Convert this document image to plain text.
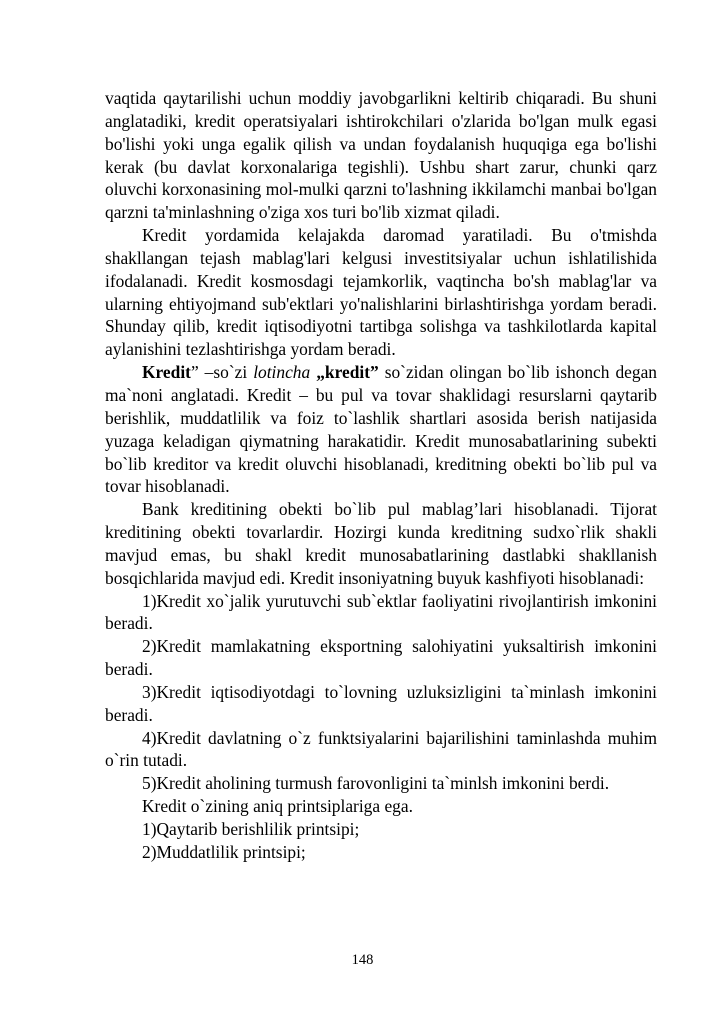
vaqtida qaytarilishi uchun moddiy javobgarlikni keltirib chiqaradi. Bu shuni anglatadiki, kredit operatsiyalari ishtirokchilari o'zlarida bo'lgan mulk egasi bo'lishi yoki unga egalik qilish va undan foydalanish huquqiga ega bo'lishi kerak (bu davlat korxonalariga tegishli). Ushbu shart zarur, chunki qarz oluvchi korxonasining mol-mulki qarzni to'lashning ikkilamchi manbai bo'lgan qarzni ta'minlashning o'ziga xos turi bo'lib xizmat qiladi.

Kredit yordamida kelajakda daromad yaratiladi. Bu o'tmishda shakllangan tejash mablag'lari kelgusi investitsiyalar uchun ishlatilishida ifodalanadi. Kredit kosmosdagi tejamkorlik, vaqtincha bo'sh mablag'lar va ularning ehtiyojmand sub'ektlari yo'nalishlarini birlashtirishga yordam beradi. Shunday qilib, kredit iqtisodiyotni tartibga solishga va tashkilotlarda kapital aylanishini tezlashtirishga yordam beradi.

Kredit” –so`zi lotincha „kredit” so`zidan olingan bo`lib ishonch degan ma`noni anglatadi. Kredit – bu pul va tovar shaklidagi resurslarni qaytarib berishlik, muddatlilik va foiz to`lashlik shartlari asosida berish natijasida yuzaga keladigan qiymatning harakatidir. Kredit munosabatlarining subekti bo`lib kreditor va kredit oluvchi hisoblanadi, kreditning obekti bo`lib pul va tovar hisoblanadi.

Bank kreditining obekti bo`lib pul mablag’lari hisoblanadi. Tijorat kreditining obekti tovarlardir. Hozirgi kunda kreditning sudxo`rlik shakli mavjud emas, bu shakl kredit munosabatlarining dastlabki shakllanish bosqichlarida mavjud edi. Kredit insoniyatning buyuk kashfiyoti hisoblanadi:

1)Kredit xo`jalik yurutuvchi sub`ektlar faoliyatini rivojlantirish imkonini beradi.

2)Kredit mamlakatning eksportning salohiyatini yuksaltirish imkonini beradi.

3)Kredit iqtisodiyotdagi to`lovning uzluksizligini ta`minlash imkonini beradi.

4)Kredit davlatning o`z funktsiyalarini bajarilishini taminlashda muhim o`rin tutadi.

5)Kredit aholining turmush farovonligini ta`minlsh imkonini berdi.

Kredit o`zining aniq printsiplariga ega.

1)Qaytarib berishlilik printsipi;

2)Muddatlilik printsipi;

148
